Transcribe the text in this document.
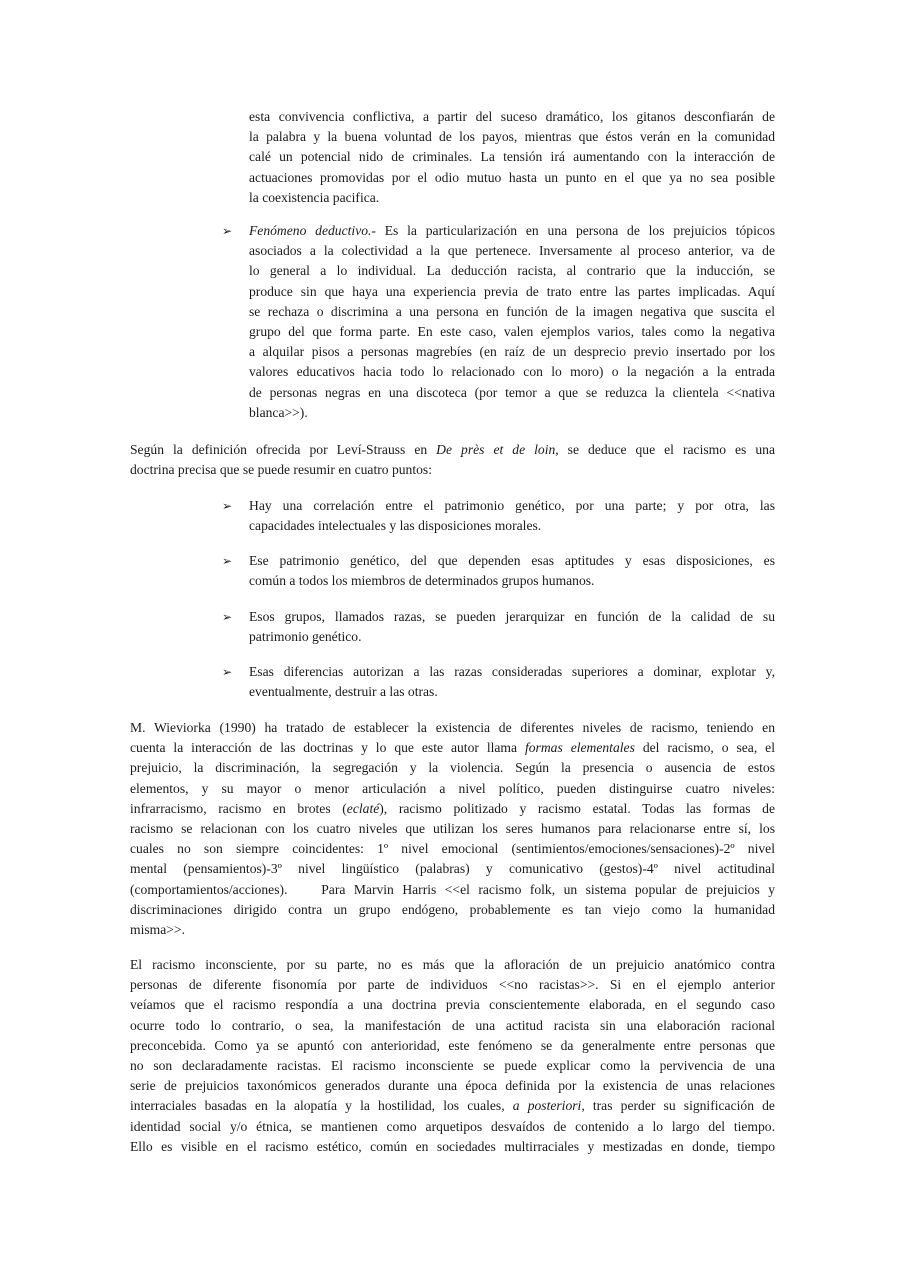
esta convivencia conflictiva, a partir del suceso dramático, los gitanos desconfiarán de
la palabra y la buena voluntad de los payos, mientras que éstos verán en la comunidad
calé un potencial nido de criminales. La tensión irá aumentando con la interacción de
actuaciones promovidas por el odio mutuo hasta un punto en el que ya no sea posible
la coexistencia pacifica.
➢	Fenómeno deductivo.- Es la particularización en una persona de los prejuicios tópicos
asociados a la colectividad a la que pertenece. Inversamente al proceso anterior, va de
lo general a lo individual. La deducción racista, al contrario que la inducción, se
produce sin que haya una experiencia previa de trato entre las partes implicadas. Aquí
se rechaza o discrimina a una persona en función de la imagen negativa que suscita el
grupo del que forma parte. En este caso, valen ejemplos varios, tales como la negativa
a alquilar pisos a personas magrebíes (en raíz de un desprecio previo insertado por los
valores educativos hacia todo lo relacionado con lo moro) o la negación a la entrada
de personas negras en una discoteca (por temor a que se reduzca la clientela <<nativa
blanca>>).
Según la definición ofrecida por Leví-Strauss en De près et de loin, se deduce que el racismo es una
doctrina precisa que se puede resumir en cuatro puntos:
➢	Hay una correlación entre el patrimonio genético, por una parte; y por otra, las
capacidades intelectuales y las disposiciones morales.
➢	Ese patrimonio genético, del que dependen esas aptitudes y esas disposiciones, es
común a todos los miembros de determinados grupos humanos.
➢	Esos grupos, llamados razas, se pueden jerarquizar en función de la calidad de su
patrimonio genético.
➢	Esas diferencias autorizan a las razas consideradas superiores a dominar, explotar y,
eventualmente, destruir a las otras.
M. Wieviorka (1990) ha tratado de establecer la existencia de diferentes niveles de racismo, teniendo en
cuenta la interacción de las doctrinas y lo que este autor llama formas elementales del racismo, o sea, el
prejuicio, la discriminación, la segregación y la violencia. Según la presencia o ausencia de estos
elementos, y su mayor o menor articulación a nivel político, pueden distinguirse cuatro niveles:
infrarracismo, racismo en brotes (eclaté), racismo politizado y racismo estatal. Todas las formas de
racismo se relacionan con los cuatro niveles que utilizan los seres humanos para relacionarse entre sí, los
cuales no son siempre coincidentes: 1º nivel emocional (sentimientos/emociones/sensaciones)-2º nivel
mental (pensamientos)-3º nivel lingüístico (palabras) y comunicativo (gestos)-4º nivel actitudinal
(comportamientos/acciones).    Para Marvin Harris <<el racismo folk, un sistema popular de prejuicios y
discriminaciones dirigido contra un grupo endógeno, probablemente es tan viejo como la humanidad
misma>>.
El racismo inconsciente, por su parte, no es más que la afloración de un prejuicio anatómico contra
personas de diferente fisonomía por parte de individuos <<no racistas>>. Si en el ejemplo anterior
veíamos que el racismo respondía a una doctrina previa conscientemente elaborada, en el segundo caso
ocurre todo lo contrario, o sea, la manifestación de una actitud racista sin una elaboración racional
preconcebida. Como ya se apuntó con anterioridad, este fenómeno se da generalmente entre personas que
no son declaradamente racistas. El racismo inconsciente se puede explicar como la pervivencia de una
serie de prejuicios taxonómicos generados durante una época definida por la existencia de unas relaciones
interraciales basadas en la alopatía y la hostilidad, los cuales, a posteriori, tras perder su significación de
identidad social y/o étnica, se mantienen como arquetipos desvaídos de contenido a lo largo del tiempo.
Ello es visible en el racismo estético, común en sociedades multirraciales y mestizadas en donde, tiempo
